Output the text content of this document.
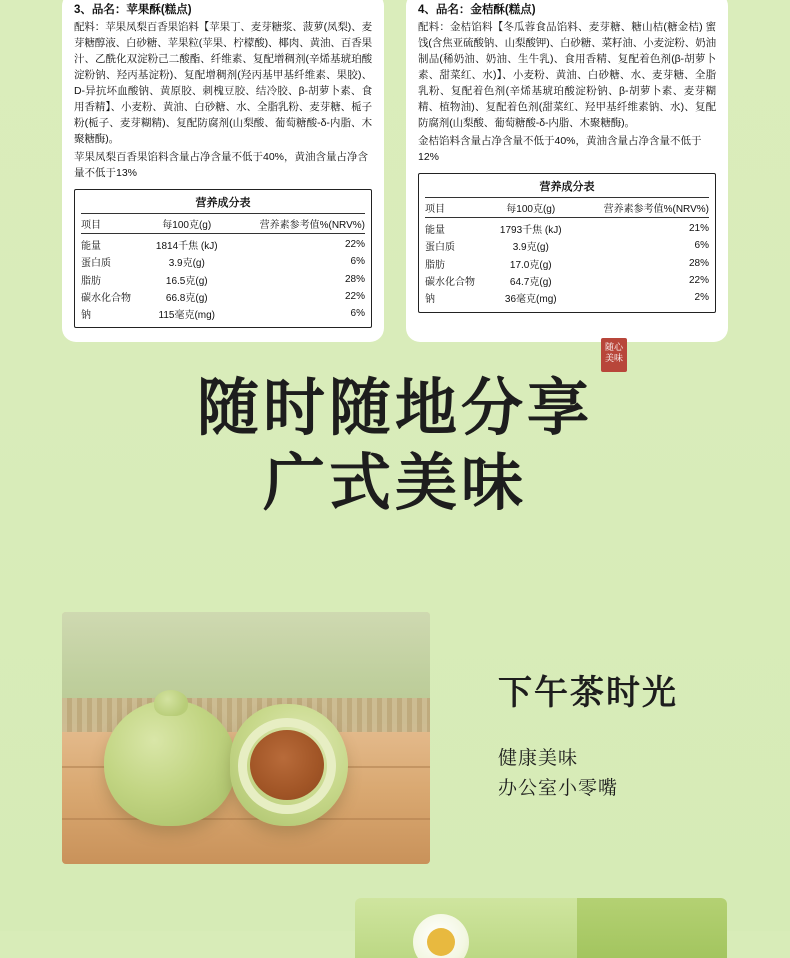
3、品名：苹果酥(糕点)
配料：苹果凤梨百香果馅料【苹果丁、麦芽糖浆、菠萝(凤梨)、麦芽糖醇液、白砂糖、苹果粒(苹果、柠檬酸)、椰肉、黄油、百香果汁、乙酰化双淀粉己二酸酯、纤维素、复配增稠剂(辛烯基琥珀酸淀粉钠、羟丙基淀粉)、复配增稠剂(羟丙基甲基纤维素、果胶)、D-异抗坏血酸钠、黄原胶、刺槐豆胶、结冷胶、β-胡萝卜素、食用香精】、小麦粉、黄油、白砂糖、水、全脂乳粉、麦芽糖、栀子粉(栀子、麦芽糊精)、复配防腐剂(山梨酸、葡萄糖酸-δ-内脂、木聚糖酶)。
苹果凤梨百香果馅料含量占净含量不低于40%，黄油含量占净含量不低于13%
营养成分表
项目	每100克(g)	营养素参考值%(NRV%)
能量	1814千焦 (kJ)	22%
蛋白质	3.9克(g)	6%
脂肪	16.5克(g)	28%
碳水化合物	66.8克(g)	22%
钠	115毫克(mg)	6%
4、品名：金桔酥(糕点)
配料：金桔馅料【冬瓜蓉食品馅料、麦芽糖、糖山桔(糖金桔) 蜜饯(含焦亚硫酸钠、山梨酸钾)、白砂糖、菜籽油、小麦淀粉、奶油制品(稀奶油、奶油、生牛乳)、食用香精、复配着色剂(β-胡萝卜素、甜菜红、水)】、小麦粉、黄油、白砂糖、水、麦芽糖、全脂乳粉、复配着色剂(辛烯基琥珀酸淀粉钠、β-胡萝卜素、麦芽糊精、植物油)、复配着色剂(甜菜红、羟甲基纤维素钠、水)、复配防腐剂(山梨酸、葡萄糖酸-δ-内脂、木聚糖酶)。
金桔馅料含量占净含量不低于40%，黄油含量占净含量不低于12%
营养成分表
项目	每100克(g)	营养素参考值%(NRV%)
能量	1793千焦 (kJ)	21%
蛋白质	3.9克(g)	6%
脂肪	17.0克(g)	28%
碳水化合物	64.7克(g)	22%
钠	36毫克(mg)	2%
随时随地分享
随心美味
广式美味
下午茶时光
健康美味
办公室小零嘴
